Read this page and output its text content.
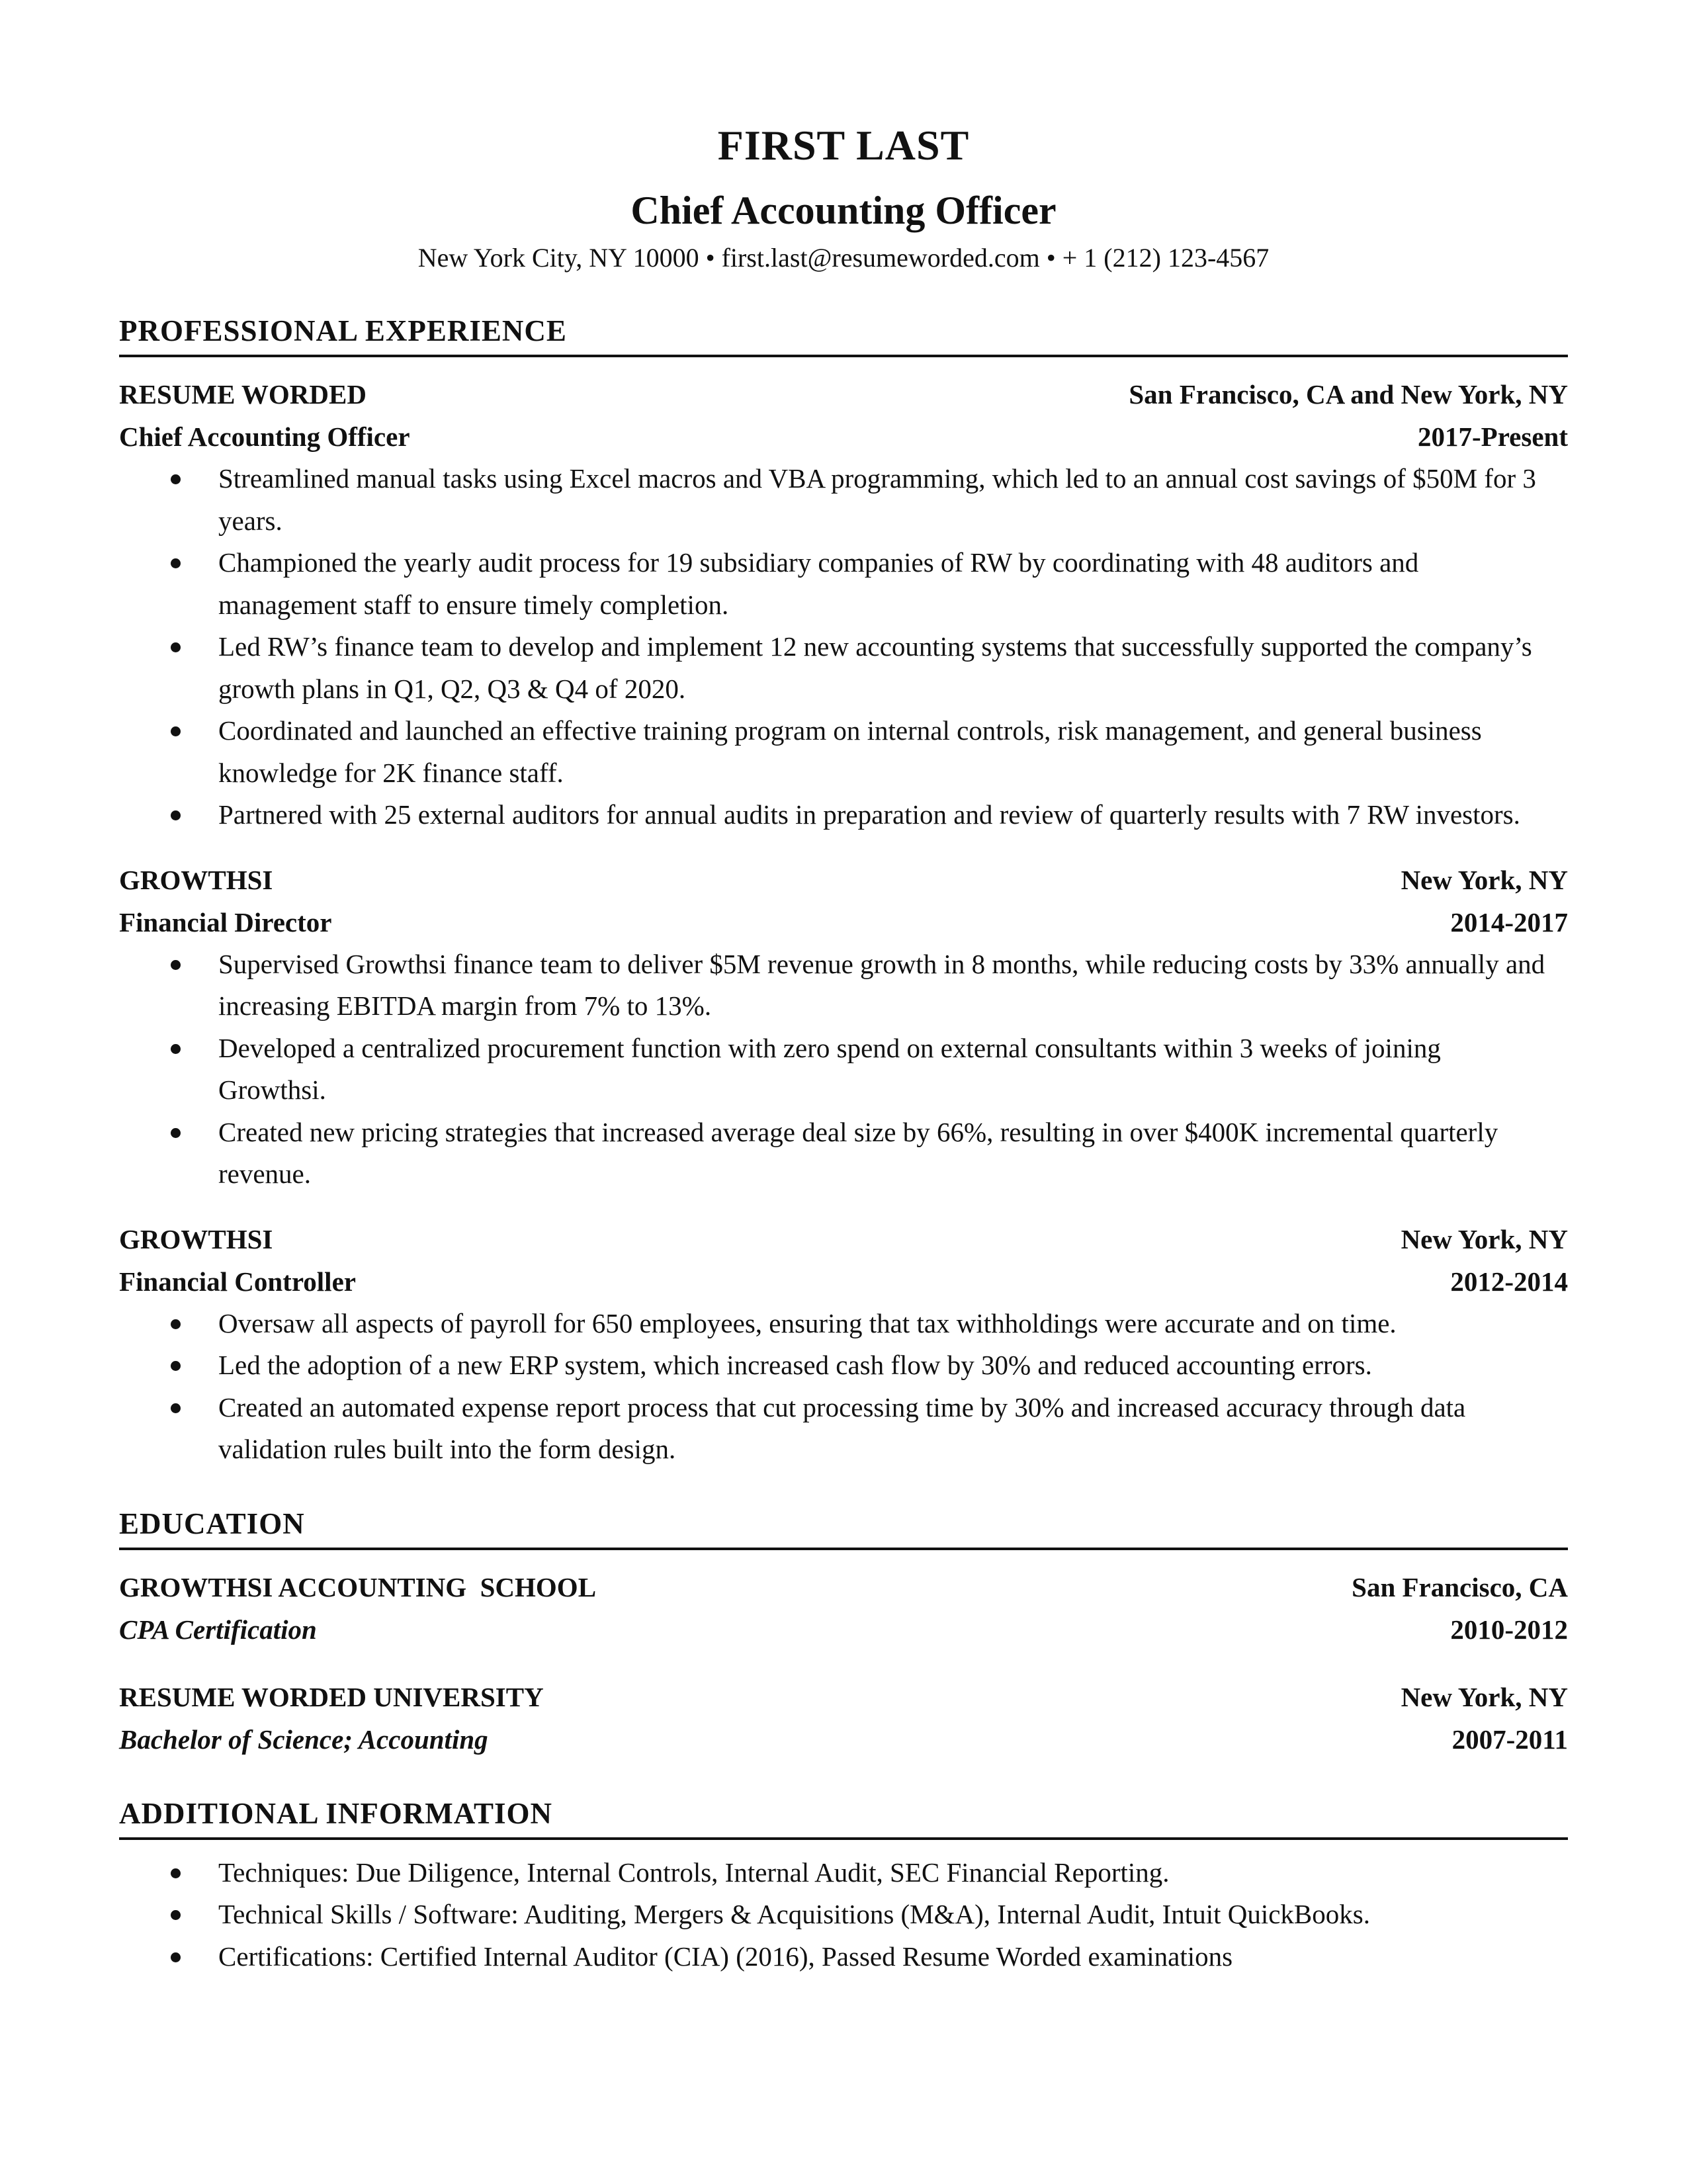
FIRST LAST
Chief Accounting Officer
New York City, NY 10000 • first.last@resumeworded.com • + 1 (212) 123-4567
PROFESSIONAL EXPERIENCE
RESUME WORDED	San Francisco, CA and New York, NY
Chief Accounting Officer	2017-Present
Streamlined manual tasks using Excel macros and VBA programming, which led to an annual cost savings of $50M for 3 years.
Championed the yearly audit process for 19 subsidiary companies of RW by coordinating with 48 auditors and management staff to ensure timely completion.
Led RW’s finance team to develop and implement 12 new accounting systems that successfully supported the company’s growth plans in Q1, Q2, Q3 & Q4 of 2020.
Coordinated and launched an effective training program on internal controls, risk management, and general business knowledge for 2K finance staff.
Partnered with 25 external auditors for annual audits in preparation and review of quarterly results with 7 RW investors.
GROWTHSI	New York, NY
Financial Director	2014-2017
Supervised Growthsi finance team to deliver $5M revenue growth in 8 months, while reducing costs by 33% annually and increasing EBITDA margin from 7% to 13%.
Developed a centralized procurement function with zero spend on external consultants within 3 weeks of joining Growthsi.
Created new pricing strategies that increased average deal size by 66%, resulting in over $400K incremental quarterly revenue.
GROWTHSI	New York, NY
Financial Controller	2012-2014
Oversaw all aspects of payroll for 650 employees, ensuring that tax withholdings were accurate and on time.
Led the adoption of a new ERP system, which increased cash flow by 30% and reduced accounting errors.
Created an automated expense report process that cut processing time by 30% and increased accuracy through data validation rules built into the form design.
EDUCATION
GROWTHSI ACCOUNTING  SCHOOL	San Francisco, CA
CPA Certification	2010-2012
RESUME WORDED UNIVERSITY	New York, NY
Bachelor of Science; Accounting	2007-2011
ADDITIONAL INFORMATION
Techniques: Due Diligence, Internal Controls, Internal Audit, SEC Financial Reporting.
Technical Skills / Software: Auditing, Mergers & Acquisitions (M&A), Internal Audit, Intuit QuickBooks.
Certifications: Certified Internal Auditor (CIA) (2016), Passed Resume Worded examinations
